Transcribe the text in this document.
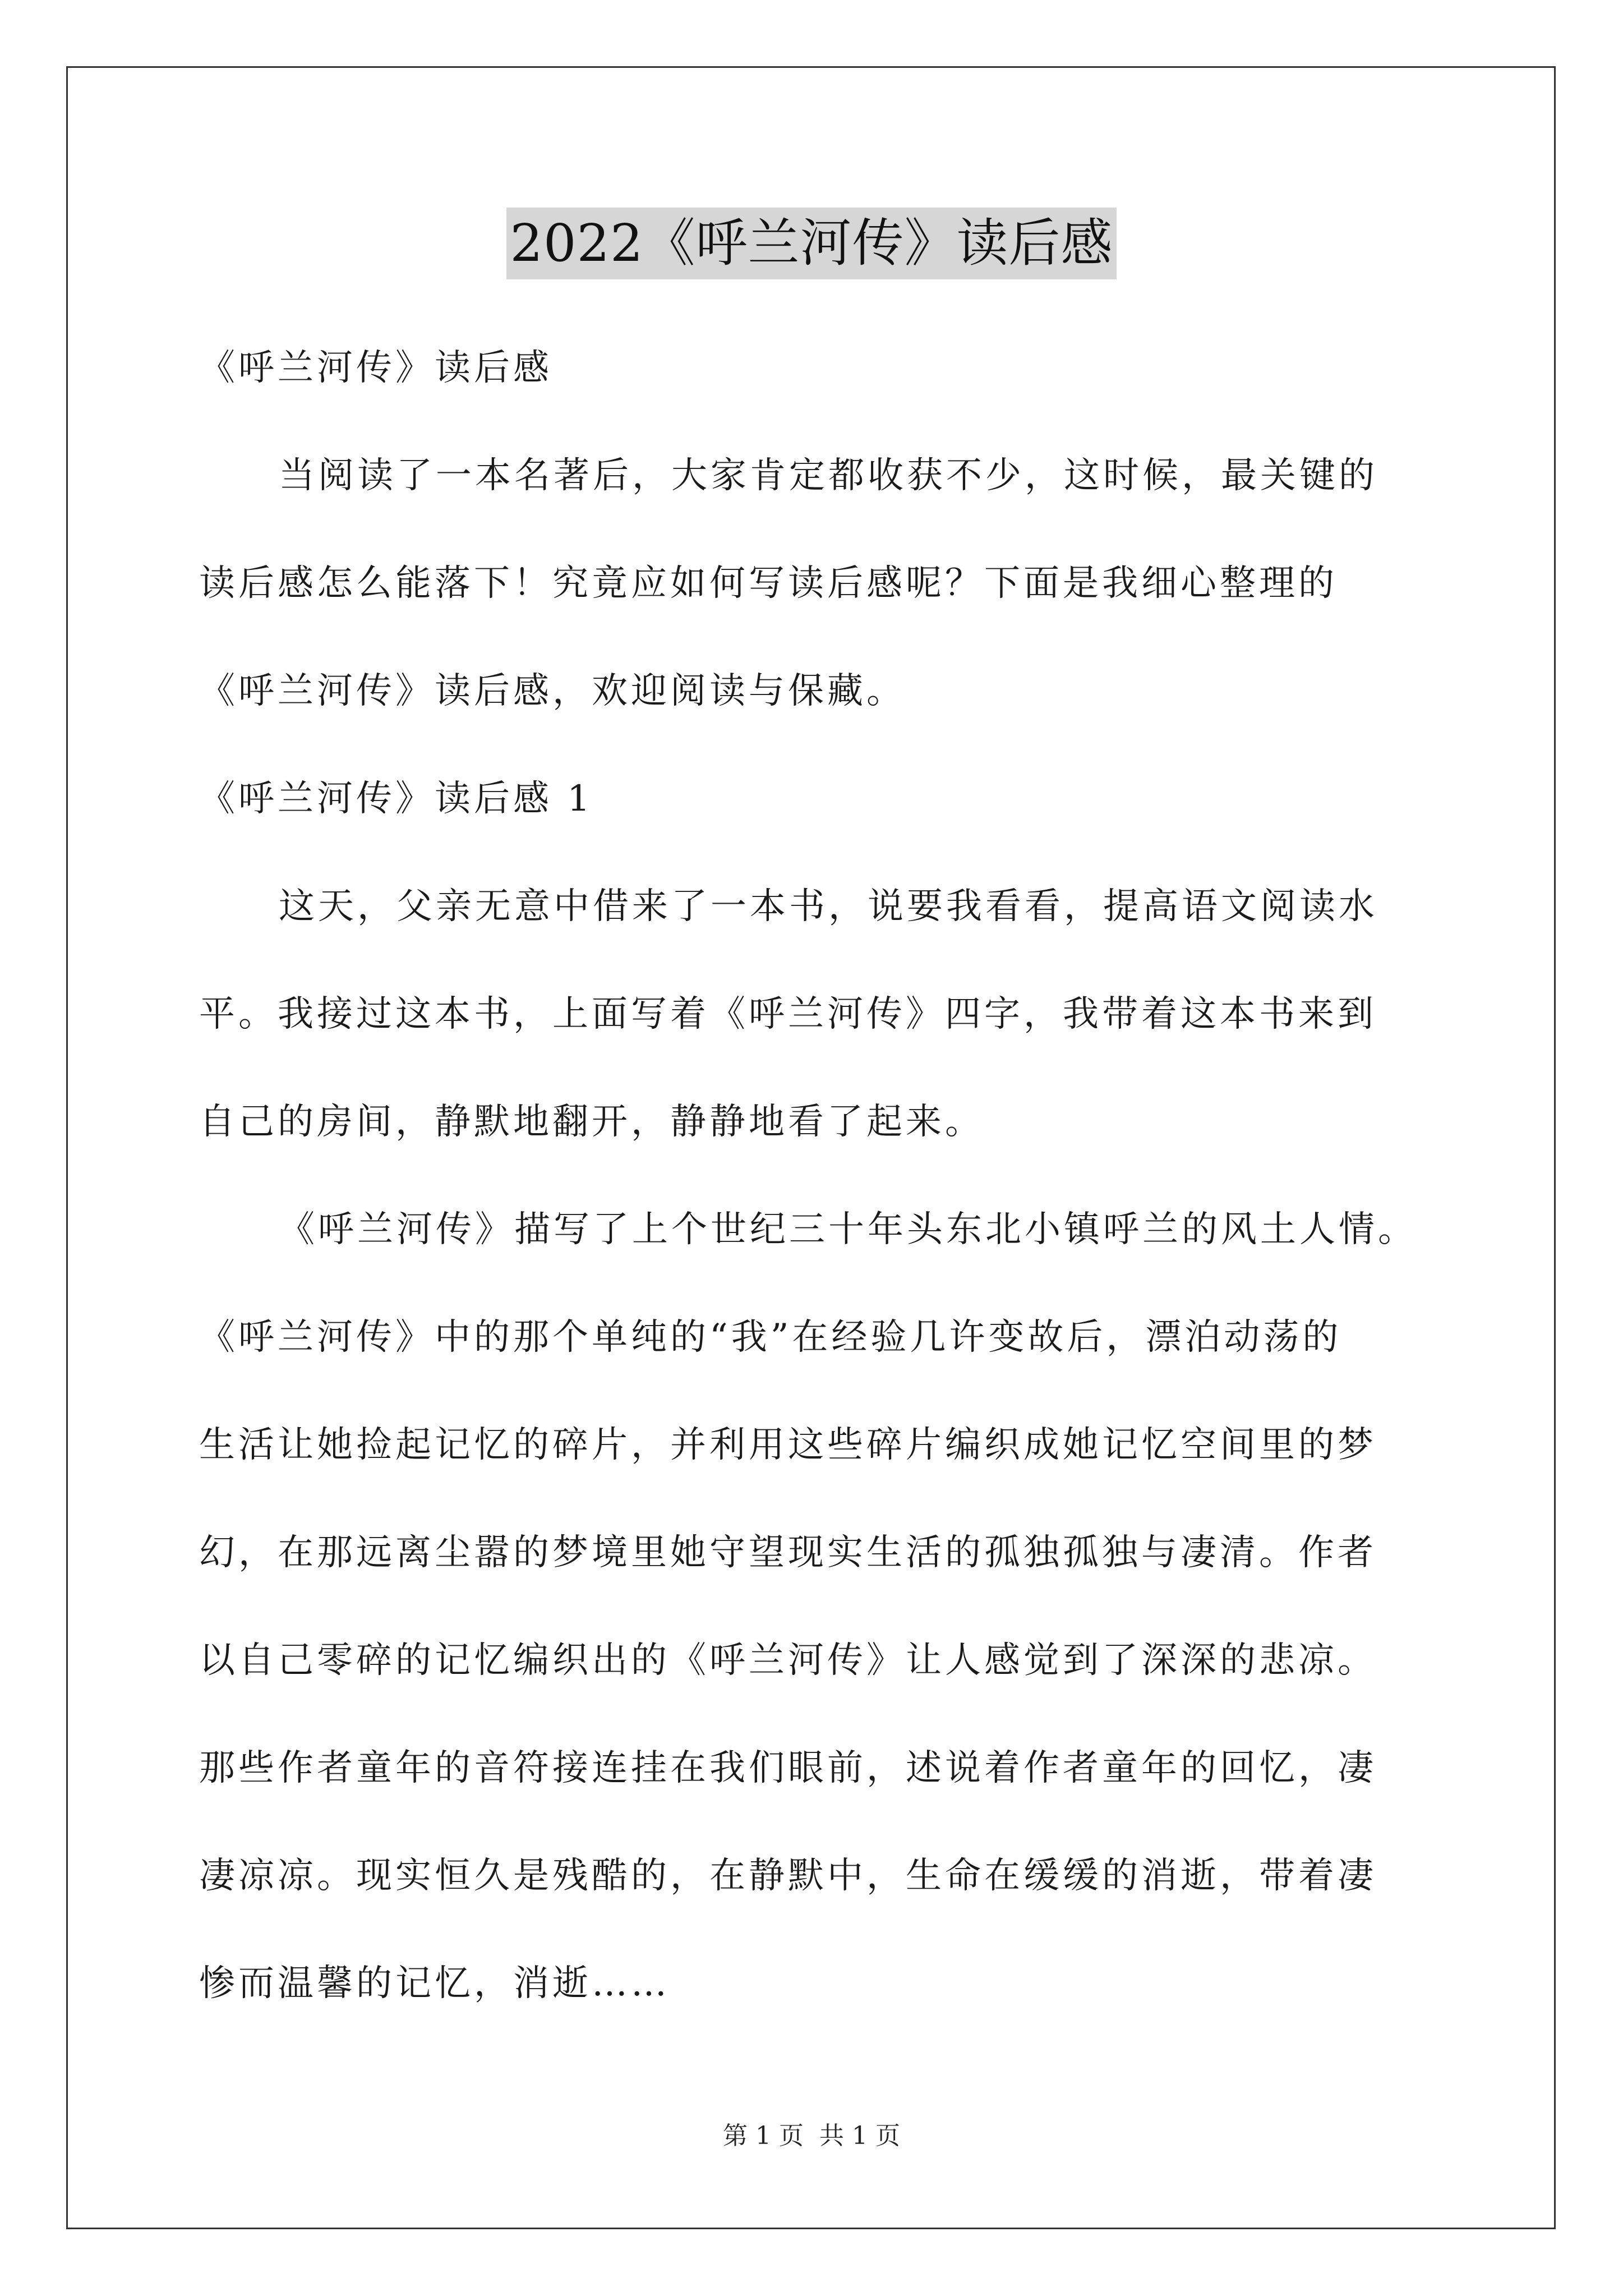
2022《呼兰河传》读后感
《呼兰河传》读后感
当阅读了一本名著后，大家肯定都收获不少，这时候，最关键的
读后感怎么能落下！究竟应如何写读后感呢？下面是我细心整理的
《呼兰河传》读后感，欢迎阅读与保藏。
《呼兰河传》读后感 1
这天，父亲无意中借来了一本书，说要我看看，提高语文阅读水
平。我接过这本书，上面写着《呼兰河传》四字，我带着这本书来到
自己的房间，静默地翻开，静静地看了起来。
《呼兰河传》描写了上个世纪三十年头东北小镇呼兰的风土人情。
《呼兰河传》中的那个单纯的“我”在经验几许变故后，漂泊动荡的
生活让她捡起记忆的碎片，并利用这些碎片编织成她记忆空间里的梦
幻，在那远离尘嚣的梦境里她守望现实生活的孤独孤独与凄清。作者
以自己零碎的记忆编织出的《呼兰河传》让人感觉到了深深的悲凉。
那些作者童年的音符接连挂在我们眼前，述说着作者童年的回忆，凄
凄凉凉。现实恒久是残酷的，在静默中，生命在缓缓的消逝，带着凄
惨而温馨的记忆，消逝……
第 1 页 共 1 页
